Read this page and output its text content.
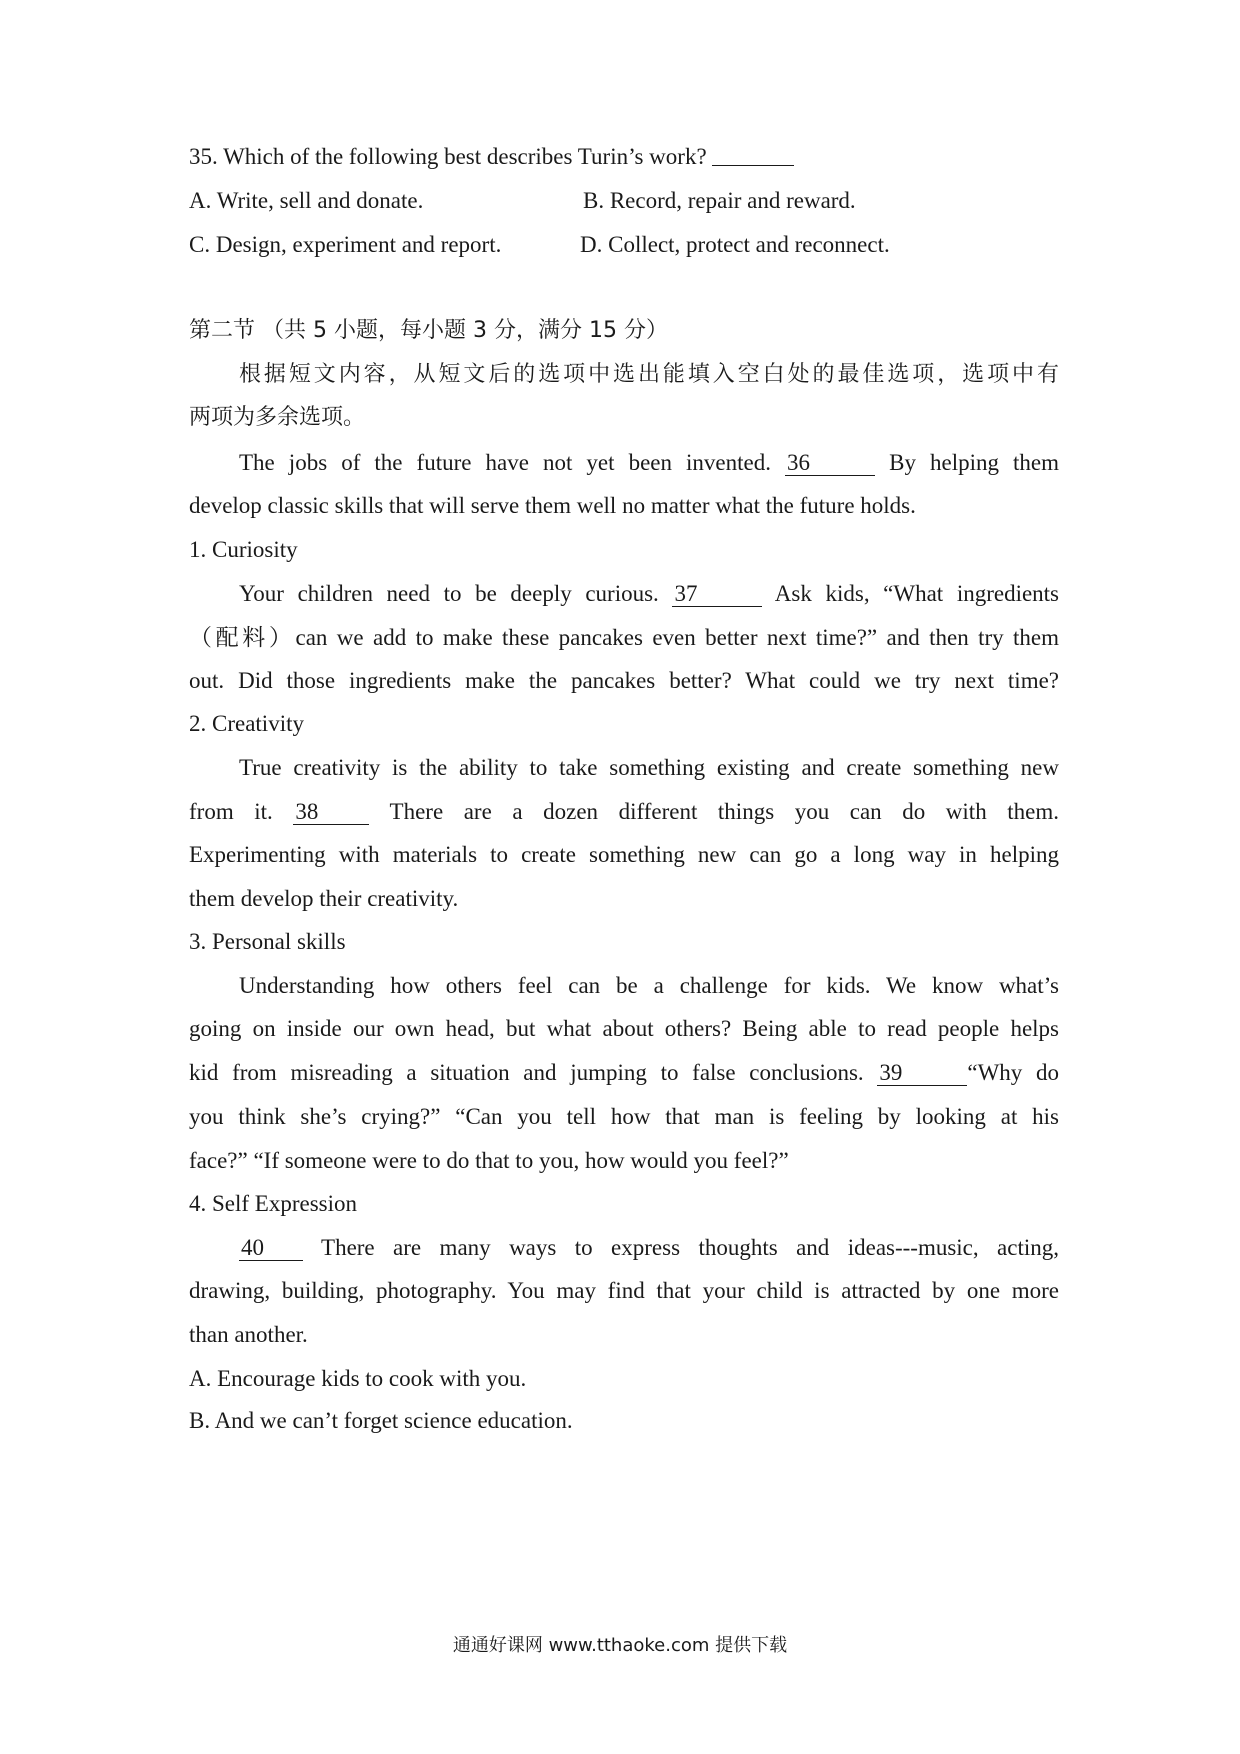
35. Which of the following best describes Turin’s work?
A. Write, sell and donate.	B. Record, repair and reward.
C. Design, experiment and report.	D. Collect, protect and reconnect.
第二节 （共 5 小题，每小题 3 分，满分 15 分）
根据短文内容，从短文后的选项中选出能填入空白处的最佳选项，选项中有
两项为多余选项。
The jobs of the future have not yet been invented. 36	By helping them
develop classic skills that will serve them well no matter what the future holds.
1. Curiosity
Your children need to be deeply curious. 37	Ask kids, “What ingredients
（配料）can we add to make these pancakes even better next time?” and then try them
out. Did those ingredients make the pancakes better? What could we try next time?
2. Creativity
True creativity is the ability to take something existing and create something new
from it. 38	There are a dozen different things you can do with them.
Experimenting with materials to create something new can go a long way in helping
them develop their creativity.
3. Personal skills
Understanding how others feel can be a challenge for kids. We know what’s
going on inside our own head, but what about others? Being able to read people helps
kid from misreading a situation and jumping to false conclusions. 39	“Why do
you think she’s crying?” “Can you tell how that man is feeling by looking at his
face?” “If someone were to do that to you, how would you feel?”
4. Self Expression
40 There are many ways to express thoughts and ideas---music, acting,
drawing, building, photography. You may find that your child is attracted by one more
than another.
A. Encourage kids to cook with you.
B. And we can’t forget science education.
通通好课网 www.tthaoke.com 提供下载
